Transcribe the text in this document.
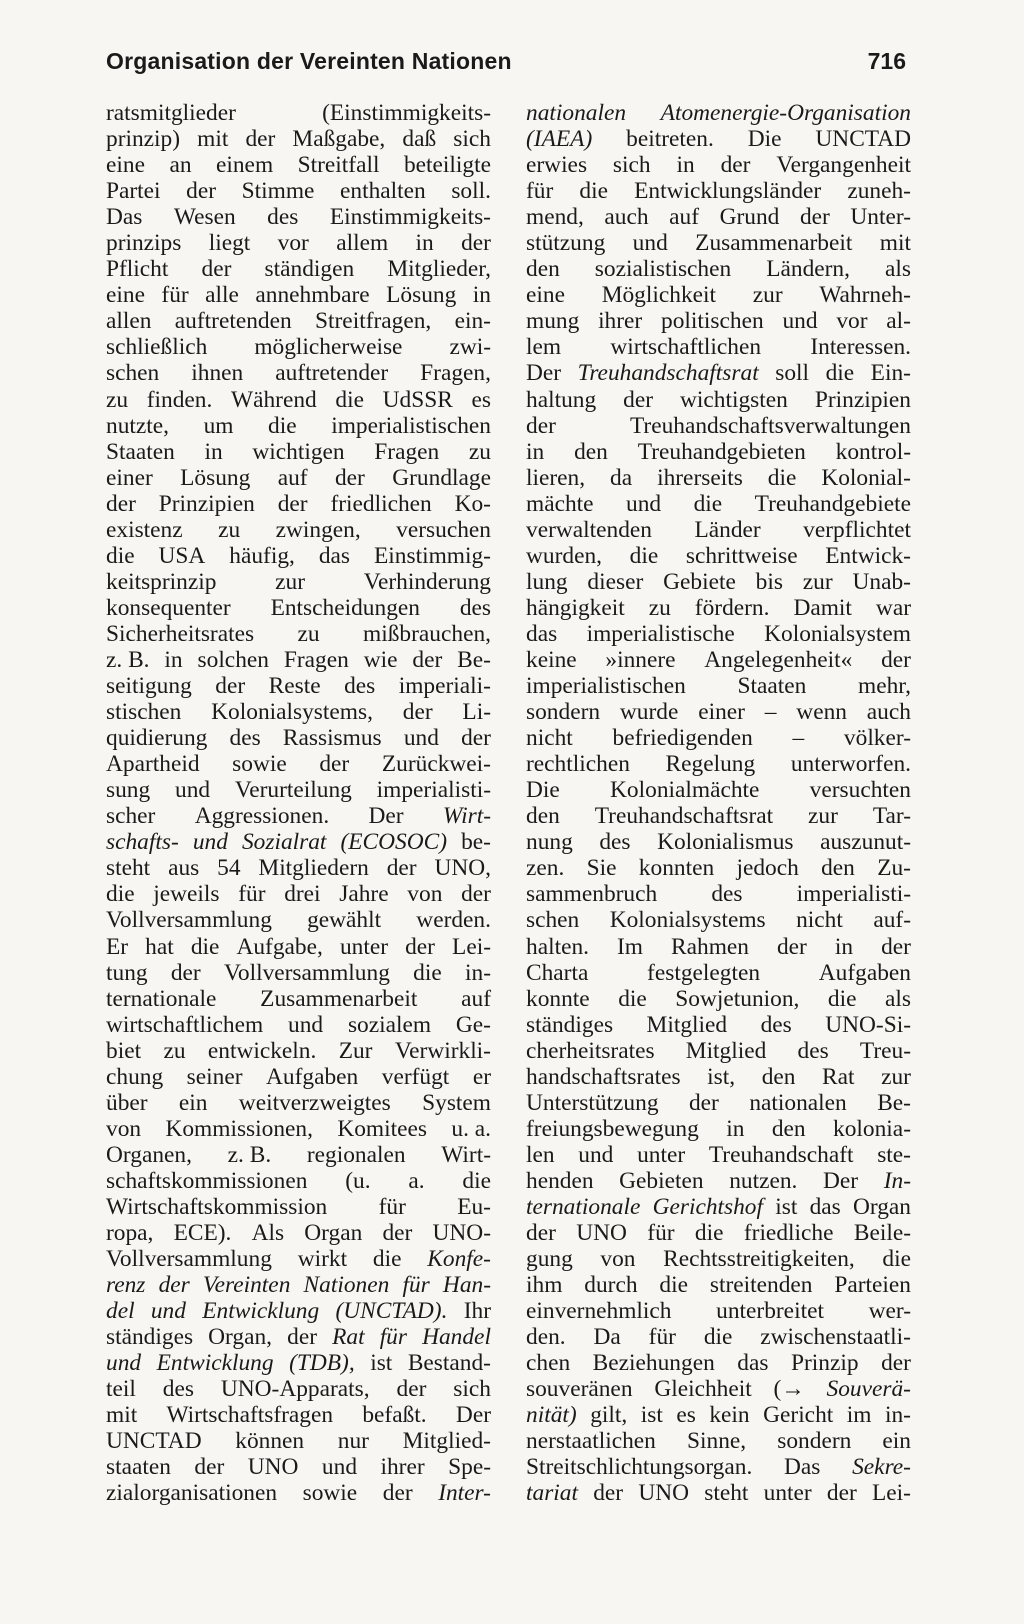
Organisation der Vereinten Nationen	716
ratsmitglieder	(Einstimmigkeits-
prinzip) mit der Maßgabe, daß sich
eine an einem Streitfall beteiligte
Partei der Stimme enthalten soll.
Das Wesen des Einstimmigkeits-
prinzips liegt vor allem in der
Pflicht der ständigen Mitglieder,
eine für alle annehmbare Lösung in
allen auftretenden Streitfragen, ein-
schließlich möglicherweise zwi-
schen ihnen auftretender Fragen,
zu finden. Während die UdSSR es
nutzte, um die imperialistischen
Staaten in wichtigen Fragen zu
einer Lösung auf der Grundlage
der Prinzipien der friedlichen Ko-
existenz zu zwingen, versuchen
die USA häufig, das Einstimmig-
keitsprinzip	zur	Verhinderung
konsequenter Entscheidungen des
Sicherheitsrates zu mißbrauchen,
z. B. in solchen Fragen wie der Be-
seitigung der Reste des imperiali-
stischen Kolonialsystems, der Li-
quidierung des Rassismus und der
Apartheid sowie der Zurückwei-
sung und Verurteilung imperialisti-
scher Aggressionen. Der Wirt-
schafts- und Sozialrat (ECOSOC) be-
steht aus 54 Mitgliedern der UNO,
die jeweils für drei Jahre von der
Vollversammlung gewählt werden.
Er hat die Aufgabe, unter der Lei-
tung der Vollversammlung die in-
ternationale Zusammenarbeit auf
wirtschaftlichem und sozialem Ge-
biet zu entwickeln. Zur Verwirkli-
chung seiner Aufgaben verfügt er
über ein weitverzweigtes System
von Kommissionen, Komitees u. a.
Organen, z. B. regionalen Wirt-
schaftskommissionen (u. a. die
Wirtschaftskommission für Eu-
ropa, ECE). Als Organ der UNO-
Vollversammlung wirkt die Konfe-
renz der Vereinten Nationen für Han-
del und Entwicklung (UNCTAD). Ihr
ständiges Organ, der Rat für Handel
und Entwicklung (TDB), ist Bestand-
teil des UNO-Apparats, der sich
mit Wirtschaftsfragen befaßt. Der
UNCTAD können nur Mitglied-
staaten der UNO und ihrer Spe-
zialorganisationen sowie der Inter-
nationalen Atomenergie-Organisation
(IAEA) beitreten. Die UNCTAD
erwies sich in der Vergangenheit
für die Entwicklungsländer zuneh-
mend, auch auf Grund der Unter-
stützung und Zusammenarbeit mit
den sozialistischen Ländern, als
eine Möglichkeit zur Wahrneh-
mung ihrer politischen und vor al-
lem wirtschaftlichen Interessen.
Der Treuhandschaftsrat soll die Ein-
haltung der wichtigsten Prinzipien
der	Treuhandschaftsverwaltungen
in den Treuhandgebieten kontrol-
lieren, da ihrerseits die Kolonial-
mächte und die Treuhandgebiete
verwaltenden Länder verpflichtet
wurden, die schrittweise Entwick-
lung dieser Gebiete bis zur Unab-
hängigkeit zu fördern. Damit war
das imperialistische Kolonialsystem
keine »innere Angelegenheit« der
imperialistischen Staaten mehr,
sondern wurde einer – wenn auch
nicht befriedigenden – völker-
rechtlichen Regelung unterworfen.
Die Kolonialmächte versuchten
den Treuhandschaftsrat zur Tar-
nung des Kolonialismus auszunut-
zen. Sie konnten jedoch den Zu-
sammenbruch des imperialisti-
schen Kolonialsystems nicht auf-
halten. Im Rahmen der in der
Charta	festgelegten	Aufgaben
konnte die Sowjetunion, die als
ständiges Mitglied des UNO-Si-
cherheitsrates Mitglied des Treu-
handschaftsrates ist, den Rat zur
Unterstützung der nationalen Be-
freiungsbewegung in den kolonia-
len und unter Treuhandschaft ste-
henden Gebieten nutzen. Der In-
ternationale Gerichtshof ist das Organ
der UNO für die friedliche Beile-
gung von Rechtsstreitigkeiten, die
ihm durch die streitenden Parteien
einvernehmlich unterbreitet wer-
den. Da für die zwischenstaatli-
chen Beziehungen das Prinzip der
souveränen Gleichheit (→ Souverä-
nität) gilt, ist es kein Gericht im in-
nerstaatlichen Sinne, sondern ein
Streitschlichtungsorgan. Das Sekre-
tariat der UNO steht unter der Lei-
